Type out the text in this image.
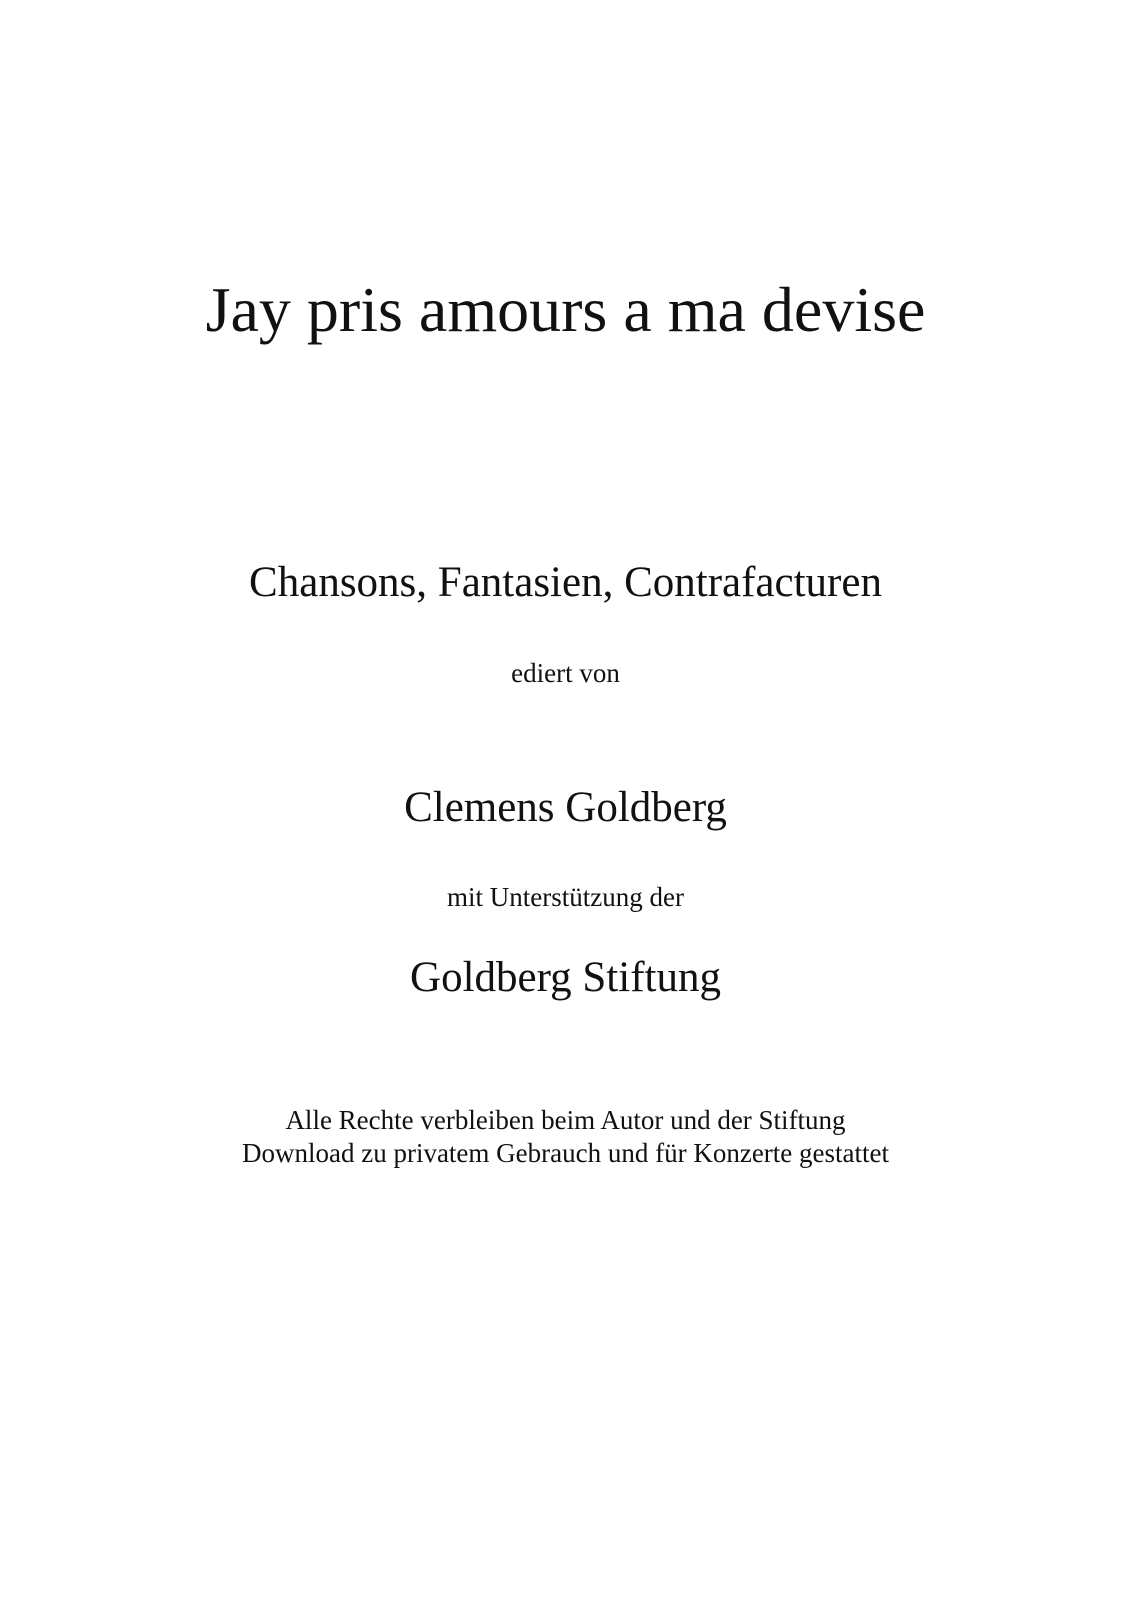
Jay pris amours a ma devise
Chansons, Fantasien, Contrafacturen
ediert von
Clemens Goldberg
mit Unterstützung der
Goldberg Stiftung
Alle Rechte verbleiben beim Autor und der Stiftung
Download zu privatem Gebrauch und für Konzerte gestattet
